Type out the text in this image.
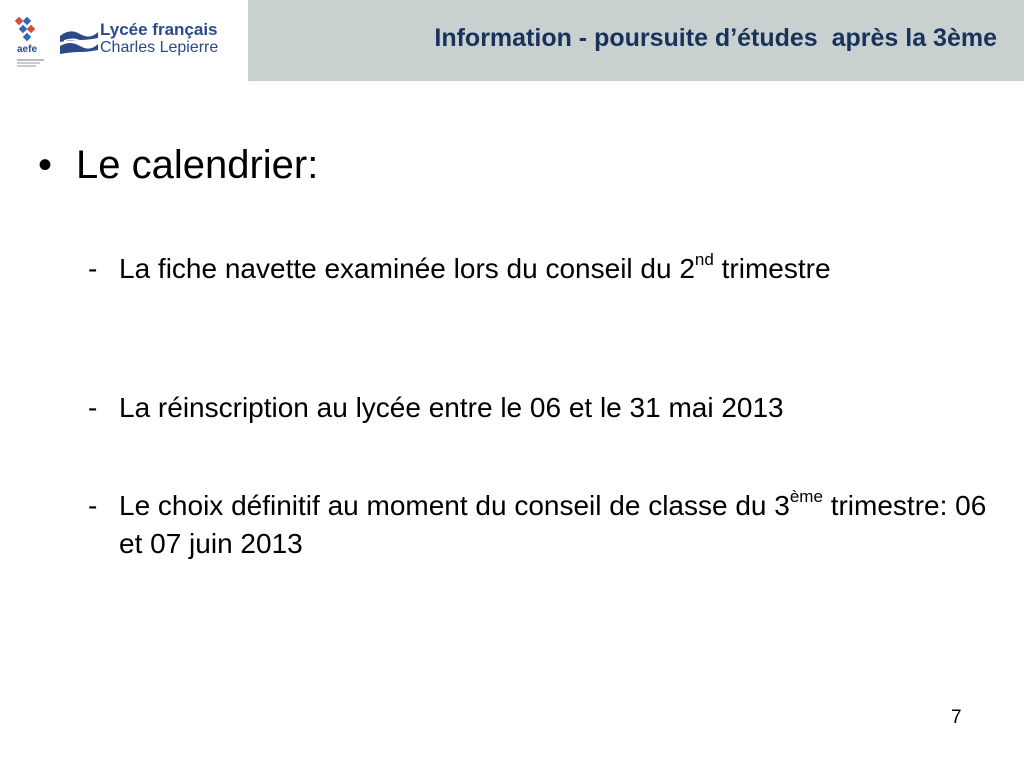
aefe
Lycée français
Charles Lepierre	Information - poursuite d’études  après la 3ème
• Le calendrier:
- La fiche navette examinée lors du conseil du 2nd trimestre
- La réinscription au lycée entre le 06 et le 31 mai 2013
- Le choix définitif au moment du conseil de classe du 3ème trimestre: 06 et 07 juin 2013
7
